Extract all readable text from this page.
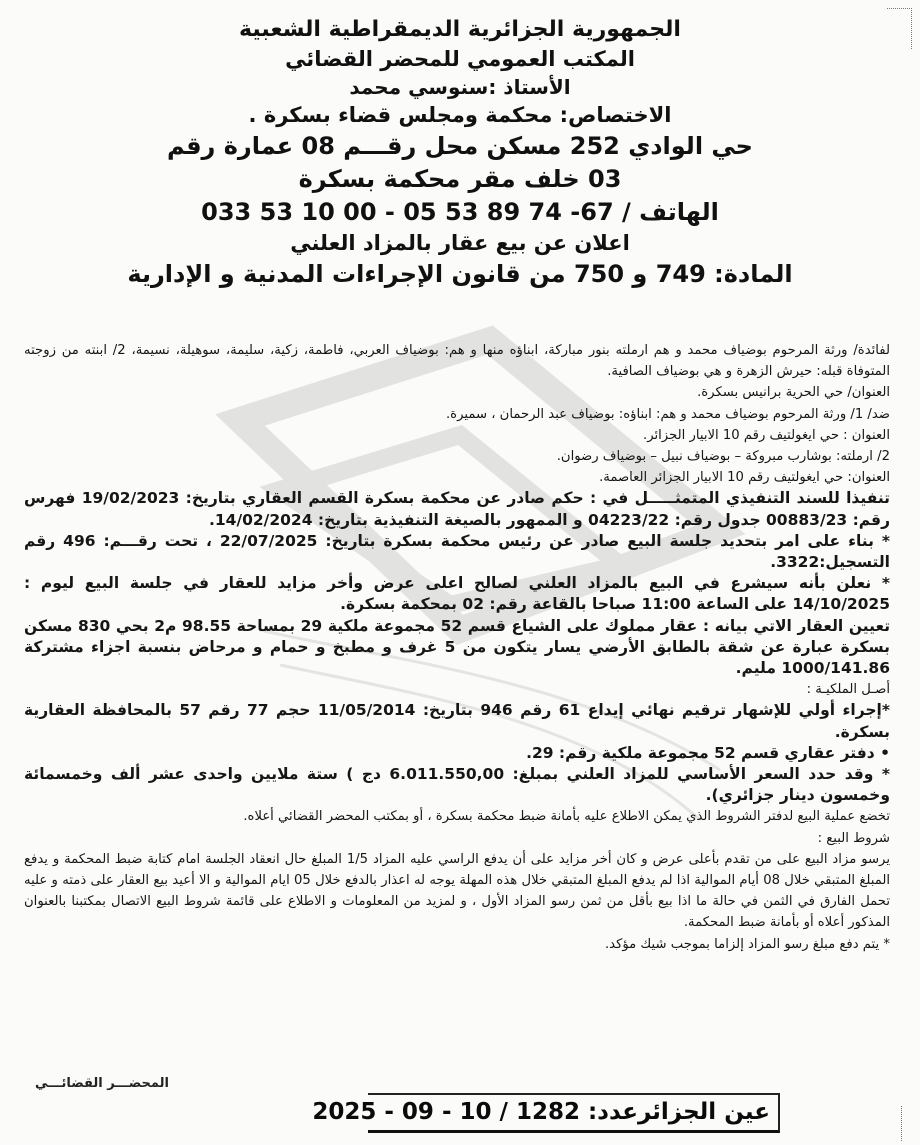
الجمهورية الجزائرية الديمقراطية الشعبية
المكتب العمومي للمحضر القضائي
الأستاذ :سنوسي محمد
الاختصاص: محكمة ومجلس قضاء بسكرة .
حي الوادي 252 مسكن محل رقـــم 08 عمارة رقم
03 خلف مقر محكمة بسكرة
الهاتف / 67- 74 89 53 05 - 00 10 53 033
اعلان عن بيع عقار بالمزاد العلني
المادة: 749 و 750 من قانون الإجراءات المدنية و الإدارية

لفائدة/ ورثة المرحوم بوضياف محمد و هم ارملته بنور مباركة، ابناؤه منها و هم: بوضياف العربي، فاطمة، زكية، سليمة، سوهيلة، نسيمة، 2/ ابنته من زوجته المتوفاة قبله: حيرش الزهرة و هي بوضياف الصافية.

العنوان/ حي الحرية برانيس بسكرة.

ضد/ 1/ ورثة المرحوم بوضياف محمد و هم: ابناؤه: بوضياف عبد الرحمان ، سميرة.

العنوان : حي ايغولتيف رقم 10 الابيار الجزائر.

2/ ارملته: بوشارب مبروكة – بوضياف نبيل – بوضياف رضوان.

العنوان: حي ايغولتيف رقم 10 الابيار الجزائر العاصمة.

تنفيذا للسند التنفيذي المتمثـــــل في : حكم صادر عن محكمة بسكرة القسم العقاري بتاريخ: 19/02/2023 فهرس رقم: 00883/23 جدول رقم: 04223/22 و الممهور بالصيغة التنفيذية بتاريخ: 14/02/2024.

* بناء على امر بتحديد جلسة البيع صادر عن رئيس محكمة بسكرة بتاريخ: 22/07/2025 ، تحت رقـــم: 496 رقم التسجيل:3322.

* نعلن بأنه سيشرع في البيع بالمزاد العلني لصالح اعلى عرض وأخر مزايد للعقار في جلسة البيع ليوم : 14/10/2025 على الساعة 11:00 صباحا بالقاعة رقم: 02 بمحكمة بسكرة.

تعيين العقار الاتي بيانه : عقار مملوك على الشياع قسم 52 مجموعة ملكية 29 بمساحة 98.55 م2 بحي 830 مسكن بسكرة عبارة عن شقة بالطابق الأرضي يسار يتكون من 5 غرف و مطبخ و حمام و مرحاض بنسبة اجزاء مشتركة 1000/141.86 مليم.

أصـل الملكيـة :

*إجراء أولي للإشهار ترقيم نهائي إيداع 61 رقم 946 بتاريخ: 11/05/2014 حجم 77 رقم 57 بالمحافظة العقارية بسكرة.

• دفتر عقاري قسم 52 مجموعة ملكية رقم: 29.

* وقد حدد السعر الأساسي للمزاد العلني بمبلغ: 6.011.550,00 دج ) ستة ملايين واحدى عشر ألف وخمسمائة وخمسون دينار جزائري).

تخضع عملية البيع لدفتر الشروط الذي يمكن الاطلاع عليه بأمانة ضبط محكمة بسكرة ، أو بمكتب المحضر القضائي أعلاه.

شروط البيع :

يرسو مزاد البيع على من تقدم بأعلى عرض و كان أخر مزايد على أن يدفع الراسي عليه المزاد 1/5 المبلغ حال انعقاد الجلسة امام كتابة ضبط المحكمة و يدفع المبلغ المتبقي خلال 08 أيام الموالية اذا لم يدفع المبلغ المتبقي خلال هذه المهلة يوجه له اعذار بالدفع خلال 05 ايام الموالية و الا أعيد بيع العقار على ذمته و عليه تحمل الفارق في الثمن في حالة ما اذا بيع بأقل من ثمن رسو المزاد الأول ، و لمزيد من المعلومات و الاطلاع على قائمة شروط البيع الاتصال بمكتبنا بالعنوان المذكور أعلاه أو بأمانة ضبط المحكمة.

* يتم دفع مبلغ رسو المزاد إلزاما بموجب شيك مؤكد.

المحضـــر القضائـــي
عين الجزائرعدد: 1282 / 10 - 09 - 2025
